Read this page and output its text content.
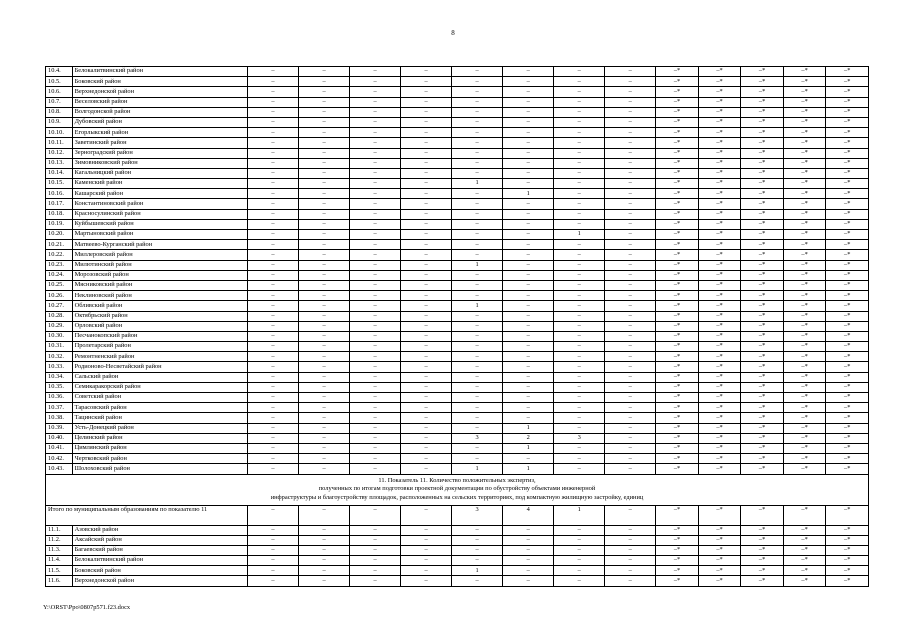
8
10.4.	Белокалитвинский район	–	–	–	–	–	–	–	–	–*	–*	–*	–*	–*
10.5.	Боковский район	–	–	–	–	–	–	–	–	–*	–*	–*	–*	–*
10.6.	Верхнедонской район	–	–	–	–	–	–	–	–	–*	–*	–*	–*	–*
10.7.	Веселовский район	–	–	–	–	–	–	–	–	–*	–*	–*	–*	–*
10.8.	Волгодонской район	–	–	–	–	–	–	–	–	–*	–*	–*	–*	–*
10.9.	Дубовский район	–	–	–	–	–	–	–	–	–*	–*	–*	–*	–*
10.10.	Егорлыкский район	–	–	–	–	–	–	–	–	–*	–*	–*	–*	–*
10.11.	Заветинский район	–	–	–	–	–	–	–	–	–*	–*	–*	–*	–*
10.12.	Зерноградский район	–	–	–	–	–	–	–	–	–*	–*	–*	–*	–*
10.13.	Зимовниковский район	–	–	–	–	–	–	–	–	–*	–*	–*	–*	–*
10.14.	Кагальницкий район	–	–	–	–	–	–	–	–	–*	–*	–*	–*	–*
10.15.	Каменский район	–	–	–	–	1	–	–	–	–*	–*	–*	–*	–*
10.16.	Кашарский район	–	–	–	–	–	1	–	–	–*	–*	–*	–*	–*
10.17.	Константиновский район	–	–	–	–	–	–	–	–	–*	–*	–*	–*	–*
10.18.	Красносулинский район	–	–	–	–	–	–	–	–	–*	–*	–*	–*	–*
10.19.	Куйбышевский район	–	–	–	–	–	–	–	–	–*	–*	–*	–*	–*
10.20.	Мартыновский район	–	–	–	–	–	–	1	–	–*	–*	–*	–*	–*
10.21.	Матвеево-Курганский район	–	–	–	–	–	–	–	–	–*	–*	–*	–*	–*
10.22.	Миллеровский район	–	–	–	–	–	–	–	–	–*	–*	–*	–*	–*
10.23.	Милютинский район	–	–	–	–	1	–	–	–	–*	–*	–*	–*	–*
10.24.	Морозовский район	–	–	–	–	–	–	–	–	–*	–*	–*	–*	–*
10.25.	Мясниковский район	–	–	–	–	–	–	–	–	–*	–*	–*	–*	–*
10.26.	Неклиновский район	–	–	–	–	–	–	–	–	–*	–*	–*	–*	–*
10.27.	Обливский район	–	–	–	–	1	–	–	–	–*	–*	–*	–*	–*
10.28.	Октябрьский район	–	–	–	–	–	–	–	–	–*	–*	–*	–*	–*
10.29.	Орловский район	–	–	–	–	–	–	–	–	–*	–*	–*	–*	–*
10.30.	Песчанокопский район	–	–	–	–	–	–	–	–	–*	–*	–*	–*	–*
10.31.	Пролетарский район	–	–	–	–	–	–	–	–	–*	–*	–*	–*	–*
10.32.	Ремонтненский район	–	–	–	–	–	–	–	–	–*	–*	–*	–*	–*
10.33.	Родионово-Несветайский район	–	–	–	–	–	–	–	–	–*	–*	–*	–*	–*
10.34.	Сальский район	–	–	–	–	–	–	–	–	–*	–*	–*	–*	–*
10.35.	Семикаракорский район	–	–	–	–	–	–	–	–	–*	–*	–*	–*	–*
10.36.	Советский район	–	–	–	–	–	–	–	–	–*	–*	–*	–*	–*
10.37.	Тарасовский район	–	–	–	–	–	–	–	–	–*	–*	–*	–*	–*
10.38.	Тацинский район	–	–	–	–	–	–	–	–	–*	–*	–*	–*	–*
10.39.	Усть-Донецкий район	–	–	–	–	–	1	–	–	–*	–*	–*	–*	–*
10.40.	Целинский район	–	–	–	–	3	2	3	–	–*	–*	–*	–*	–*
10.41.	Цимлянский район	–	–	–	–	–	1	–	–	–*	–*	–*	–*	–*
10.42.	Чертковский район	–	–	–	–	–	–	–	–	–*	–*	–*	–*	–*
10.43.	Шолоховский район	–	–	–	–	1	1	–	–	–*	–*	–*	–*	–*

11. Показатель 11. Количество положительных экспертиз,
полученных по итогам подготовки проектной документации по обустройству объектами инженерной
инфраструктуры и благоустройству площадок, расположенных на сельских территориях, под компактную жилищную застройку, единиц														

Итого по муниципальным образованиям по показателю 11		–	–	–	–	3	4	1	–	–*	–*	–*	–*	–*
11.1.	Азовский район	–	–	–	–	–	–	–	–	–*	–*	–*	–*	–*
11.2.	Аксайский район	–	–	–	–	–	–	–	–	–*	–*	–*	–*	–*
11.3.	Багаевский район	–	–	–	–	–	–	–	–	–*	–*	–*	–*	–*
11.4.	Белокалитвинский район	–	–	–	–	–	–	–	–	–*	–*	–*	–*	–*
11.5.	Боковский район	–	–	–	–	1	–	–	–	–*	–*	–*	–*	–*
11.6.	Верхнедонской район	–	–	–	–	–	–	–	–	–*	–*	–*	–*	–*
Y:\ORST\Ppo\0807p571.f23.docx
